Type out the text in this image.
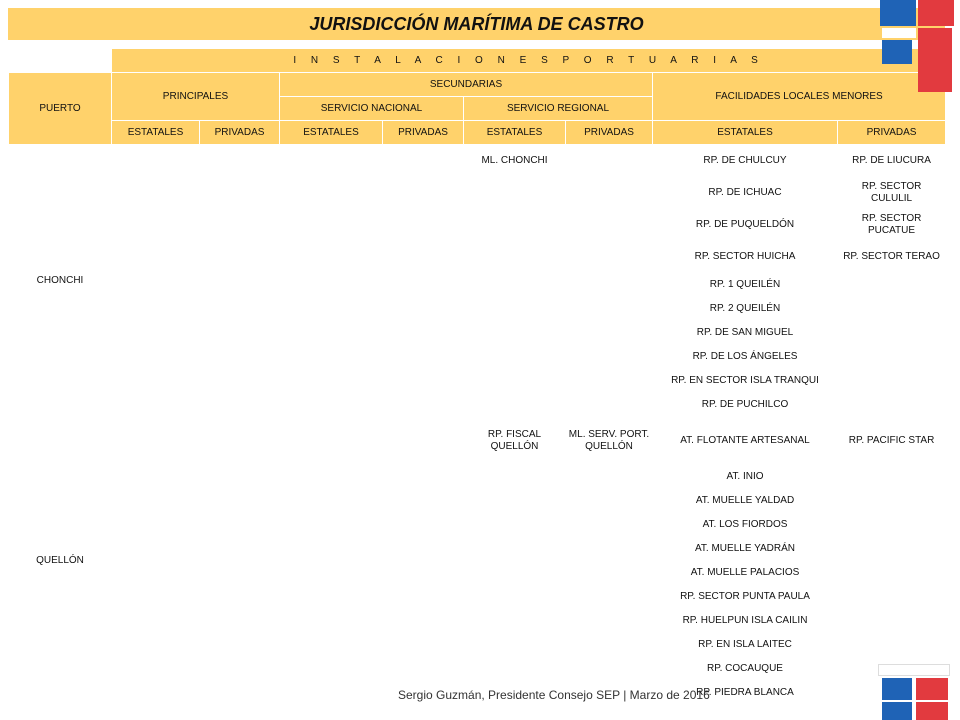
JURISDICCIÓN MARÍTIMA DE CASTRO
	I N S T A L A C I O N E S P O R T U A R I A S							
PUERTO	PRINCIPALES		SECUNDARIAS				FACILIDADES LOCALES MENORES	
			SERVICIO NACIONAL		SERVICIO REGIONAL			
	ESTATALES	PRIVADAS	ESTATALES	PRIVADAS	ESTATALES	PRIVADAS	ESTATALES	PRIVADAS
CHONCHI					ML. CHONCHI		RP. DE CHULCUY	RP. DE LIUCURA
							RP. DE ICHUAC	RP. SECTOR CULULIL
							RP. DE PUQUELDÓN	RP. SECTOR PUCATUE
							RP. SECTOR HUICHA	RP. SECTOR TERAO
							RP. 1 QUEILÉN	
							RP. 2 QUEILÉN	
							RP. DE SAN MIGUEL	
							RP. DE LOS ÁNGELES	
							RP. EN SECTOR ISLA TRANQUI	
							RP. DE PUCHILCO	
QUELLÓN					RP. FISCAL QUELLÓN	ML. SERV. PORT. QUELLÓN	AT. FLOTANTE ARTESANAL	RP. PACIFIC STAR
							AT. INIO	
							AT. MUELLE YALDAD	
							AT. LOS FIORDOS	
							AT. MUELLE YADRÁN	
							AT. MUELLE PALACIOS	
							RP. SECTOR PUNTA PAULA	
							RP. HUELPUN ISLA CAILIN	
							RP. EN ISLA LAITEC	
							RP. COCAUQUE	
							RP. PIEDRA BLANCA	
Sergio Guzmán, Presidente Consejo SEP | Marzo de 2016
